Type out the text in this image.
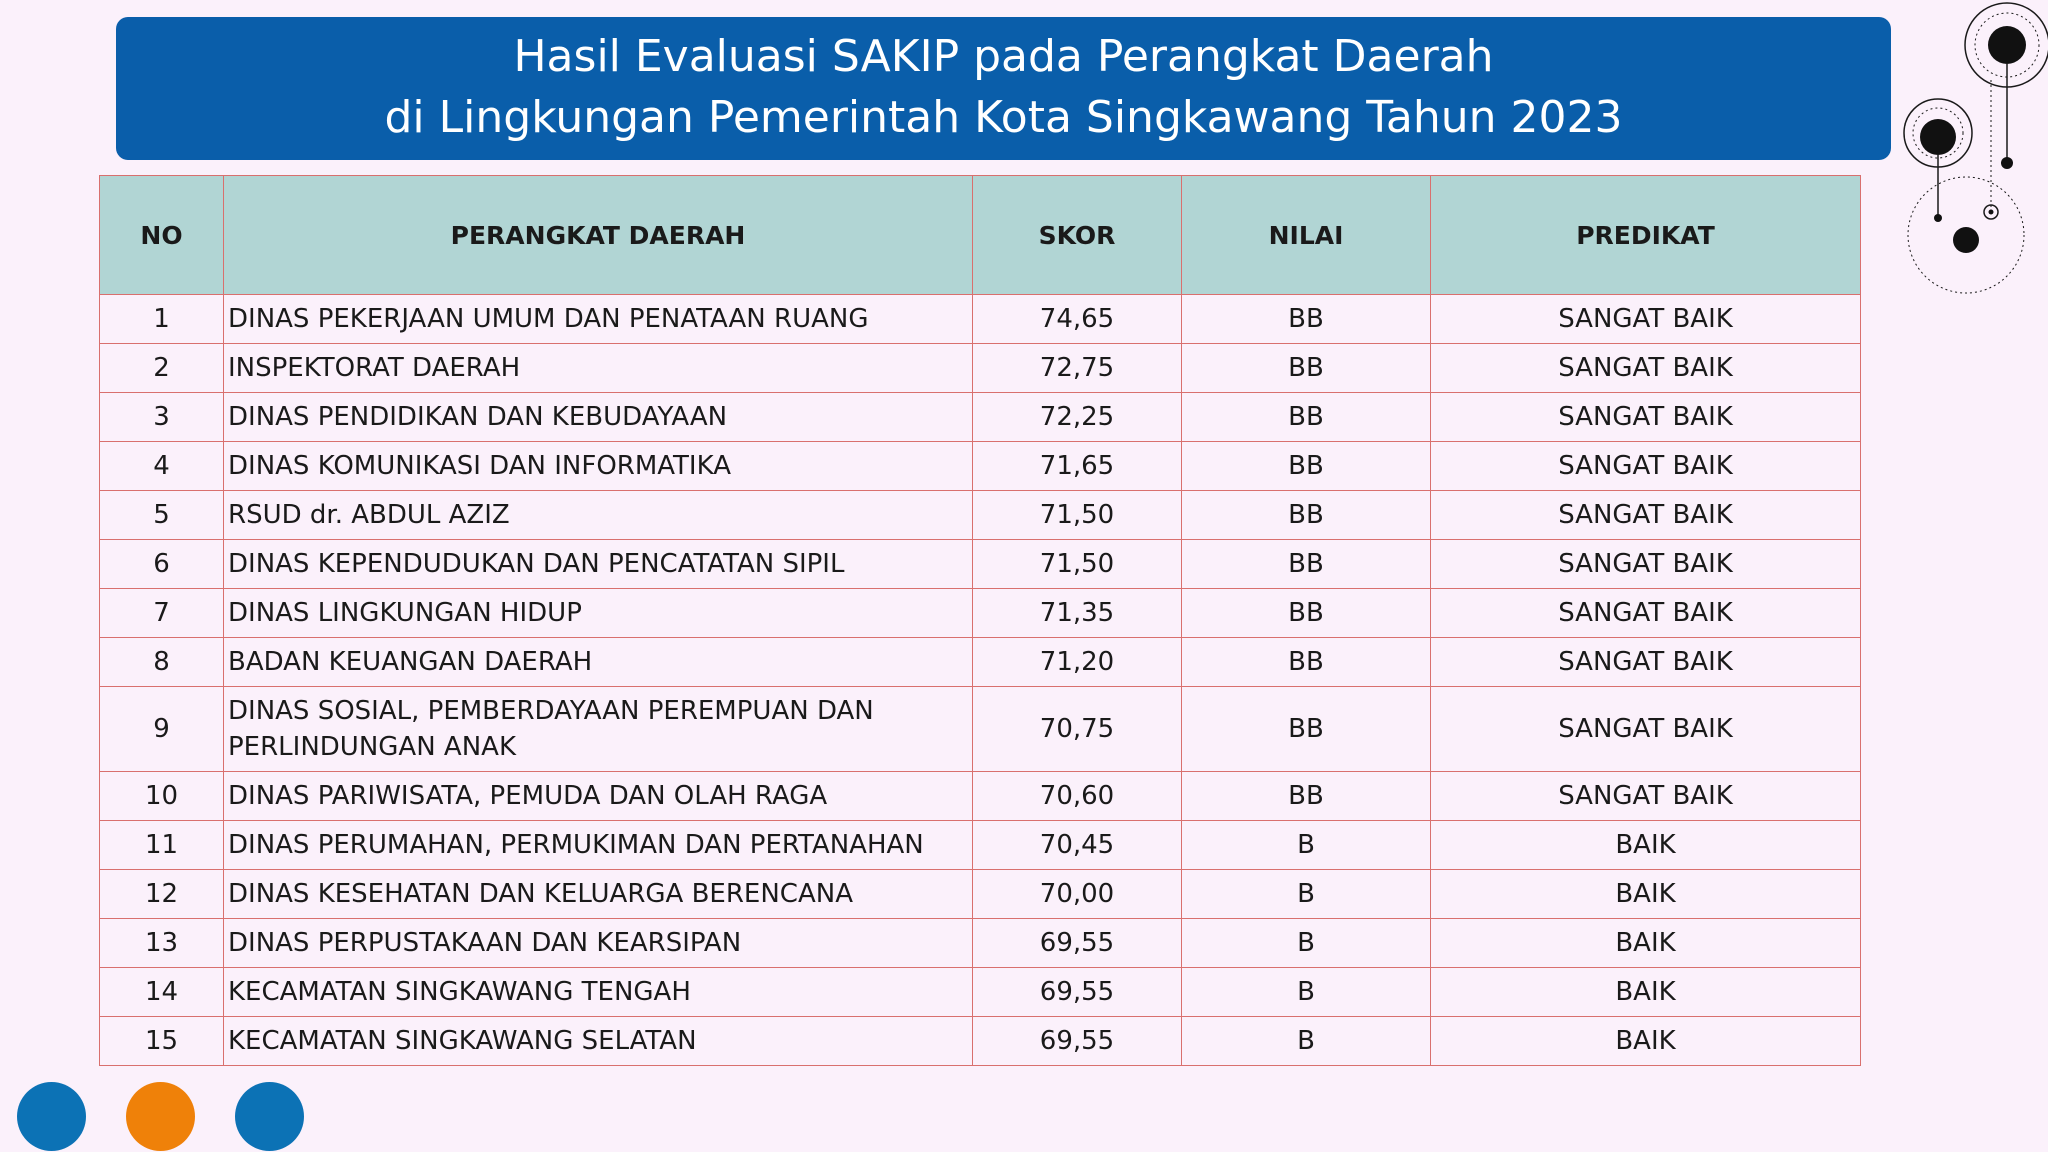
Hasil Evaluasi SAKIP pada Perangkat Daerah
di Lingkungan Pemerintah Kota Singkawang Tahun 2023
NO	PERANGKAT DAERAH	SKOR	NILAI	PREDIKAT
1	DINAS PEKERJAAN UMUM DAN PENATAAN RUANG	74,65	BB	SANGAT BAIK
2	INSPEKTORAT DAERAH	72,75	BB	SANGAT BAIK
3	DINAS PENDIDIKAN DAN KEBUDAYAAN	72,25	BB	SANGAT BAIK
4	DINAS KOMUNIKASI DAN INFORMATIKA	71,65	BB	SANGAT BAIK
5	RSUD dr. ABDUL AZIZ	71,50	BB	SANGAT BAIK
6	DINAS KEPENDUDUKAN DAN PENCATATAN SIPIL	71,50	BB	SANGAT BAIK
7	DINAS LINGKUNGAN HIDUP	71,35	BB	SANGAT BAIK
8	BADAN KEUANGAN DAERAH	71,20	BB	SANGAT BAIK
9	DINAS SOSIAL, PEMBERDAYAAN PEREMPUAN DAN
PERLINDUNGAN ANAK	70,75	BB	SANGAT BAIK
10	DINAS PARIWISATA, PEMUDA DAN OLAH RAGA	70,60	BB	SANGAT BAIK
11	DINAS PERUMAHAN, PERMUKIMAN DAN PERTANAHAN	70,45	B	BAIK
12	DINAS KESEHATAN DAN KELUARGA BERENCANA	70,00	B	BAIK
13	DINAS PERPUSTAKAAN DAN KEARSIPAN	69,55	B	BAIK
14	KECAMATAN SINGKAWANG TENGAH	69,55	B	BAIK
15	KECAMATAN SINGKAWANG SELATAN	69,55	B	BAIK
